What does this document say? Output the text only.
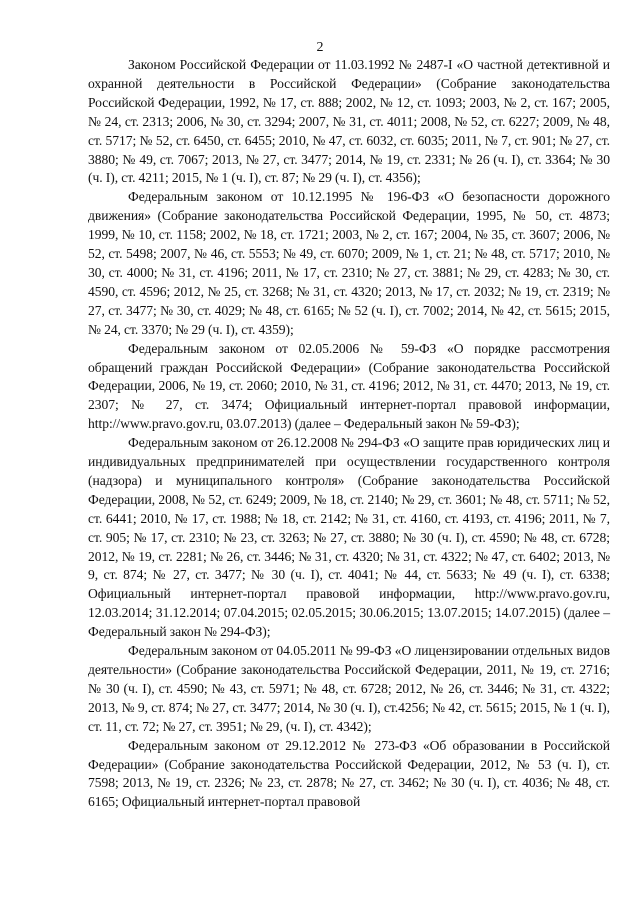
2

Законом Российской Федерации от 11.03.1992 № 2487-I «О частной детективной и охранной деятельности в Российской Федерации» (Собрание законодательства Российской Федерации, 1992, № 17, ст. 888; 2002, № 12, ст. 1093; 2003, № 2, ст. 167; 2005, № 24, ст. 2313; 2006, № 30, ст. 3294; 2007, № 31, ст. 4011; 2008, № 52, ст. 6227; 2009, № 48, ст. 5717; № 52, ст. 6450, ст. 6455; 2010, № 47, ст. 6032, ст. 6035; 2011, № 7, ст. 901; № 27, ст. 3880; № 49, ст. 7067; 2013, № 27, ст. 3477; 2014, № 19, ст. 2331; № 26 (ч. I), ст. 3364; № 30 (ч. I), ст. 4211; 2015, № 1 (ч. I), ст. 87; № 29 (ч. I), ст. 4356);

Федеральным законом от 10.12.1995 № 196-ФЗ «О безопасности дорожного движения» (Собрание законодательства Российской Федерации, 1995, № 50, ст. 4873; 1999, № 10, ст. 1158; 2002, № 18, ст. 1721; 2003, № 2, ст. 167; 2004, № 35, ст. 3607; 2006, № 52, ст. 5498; 2007, № 46, ст. 5553; № 49, ст. 6070; 2009, № 1, ст. 21; № 48, ст. 5717; 2010, № 30, ст. 4000; № 31, ст. 4196; 2011, № 17, ст. 2310; № 27, ст. 3881; № 29, ст. 4283; № 30, ст. 4590, ст. 4596; 2012, № 25, ст. 3268; № 31, ст. 4320; 2013, № 17, ст. 2032; № 19, ст. 2319; № 27, ст. 3477; № 30, ст. 4029; № 48, ст. 6165; № 52 (ч. I), ст. 7002; 2014, № 42, ст. 5615; 2015, № 24, ст. 3370; № 29 (ч. I), ст. 4359);

Федеральным законом от 02.05.2006 № 59-ФЗ «О порядке рассмотрения обращений граждан Российской Федерации» (Собрание законодательства Российской Федерации, 2006, № 19, ст. 2060; 2010, № 31, ст. 4196; 2012, № 31, ст. 4470; 2013, № 19, ст. 2307; № 27, ст. 3474; Официальный интернет-портал правовой информации, http://www.pravo.gov.ru, 03.07.2013) (далее – Федеральный закон № 59-ФЗ);

Федеральным законом от 26.12.2008 № 294-ФЗ «О защите прав юридических лиц и индивидуальных предпринимателей при осуществлении государственного контроля (надзора) и муниципального контроля» (Собрание законодательства Российской Федерации, 2008, № 52, ст. 6249; 2009, № 18, ст. 2140; № 29, ст. 3601; № 48, ст. 5711; № 52, ст. 6441; 2010, № 17, ст. 1988; № 18, ст. 2142; № 31, ст. 4160, ст. 4193, ст. 4196; 2011, № 7, ст. 905; № 17, ст. 2310; № 23, ст. 3263; № 27, ст. 3880; № 30 (ч. I), ст. 4590; № 48, ст. 6728; 2012, № 19, ст. 2281; № 26, ст. 3446; № 31, ст. 4320; № 31, ст. 4322; № 47, ст. 6402; 2013, № 9, ст. 874; № 27, ст. 3477; № 30 (ч. I), ст. 4041; № 44, ст. 5633; № 49 (ч. I), ст. 6338; Официальный интернет-портал правовой информации, http://www.pravo.gov.ru, 12.03.2014; 31.12.2014; 07.04.2015; 02.05.2015; 30.06.2015; 13.07.2015; 14.07.2015) (далее – Федеральный закон № 294-ФЗ);

Федеральным законом от 04.05.2011 № 99-ФЗ «О лицензировании отдельных видов деятельности» (Собрание законодательства Российской Федерации, 2011, № 19, ст. 2716; № 30 (ч. I), ст. 4590; № 43, ст. 5971; № 48, ст. 6728; 2012, № 26, ст. 3446; № 31, ст. 4322; 2013, № 9, ст. 874; № 27, ст. 3477; 2014, № 30 (ч. I), ст.4256; № 42, ст. 5615; 2015, № 1 (ч. I), ст. 11, ст. 72; № 27, ст. 3951; № 29, (ч. I), ст. 4342);

Федеральным законом от 29.12.2012 № 273-ФЗ «Об образовании в Российской Федерации» (Собрание законодательства Российской Федерации, 2012, № 53 (ч. I), ст. 7598; 2013, № 19, ст. 2326; № 23, ст. 2878; № 27, ст. 3462; № 30 (ч. I), ст. 4036; № 48, ст. 6165; Официальный интернет-портал правовой
